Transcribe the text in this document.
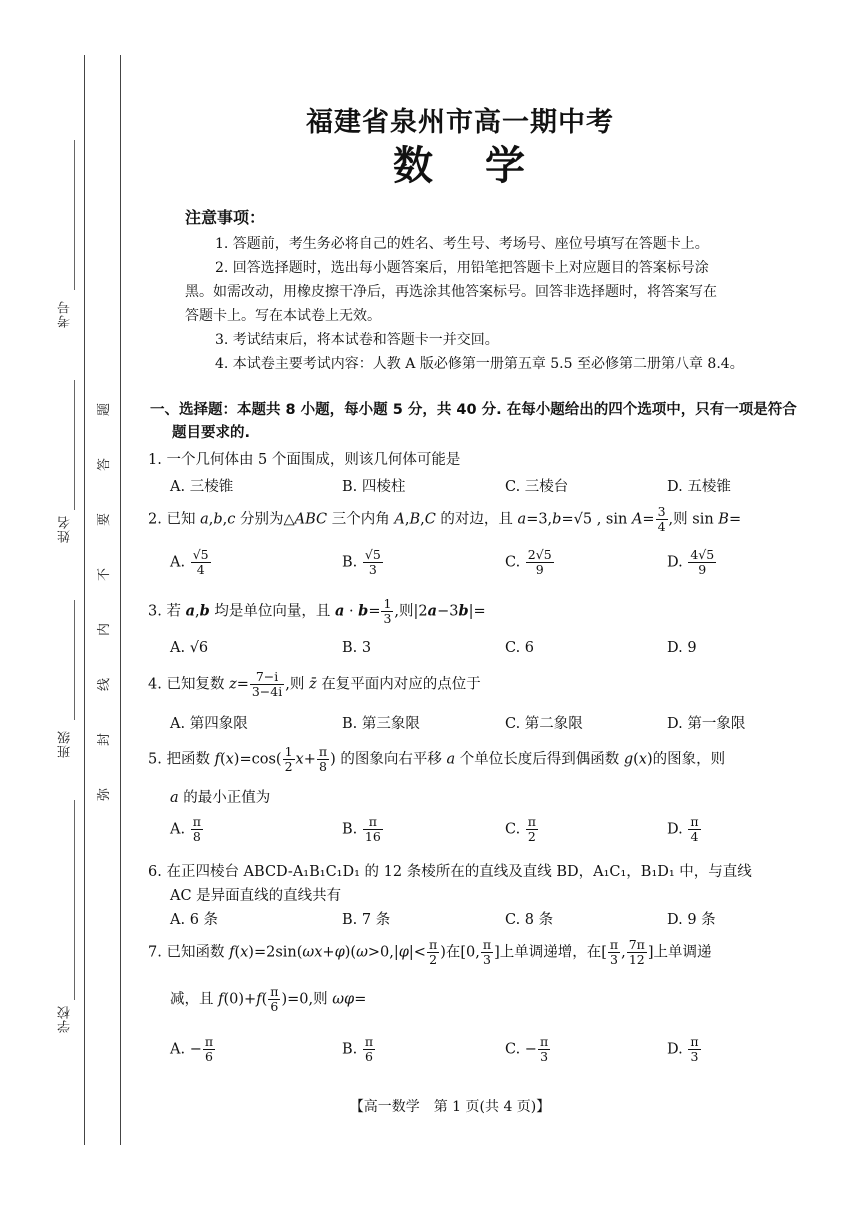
考号
姓名
班级
学校
题
答
要
不
内
线
封
弥
福建省泉州市高一期中考
数学
注意事项：
1. 答题前，考生务必将自己的姓名、考生号、考场号、座位号填写在答题卡上。
2. 回答选择题时，选出每小题答案后，用铅笔把答题卡上对应题目的答案标号涂
黑。如需改动，用橡皮擦干净后，再选涂其他答案标号。回答非选择题时，将答案写在
答题卡上。写在本试卷上无效。
3. 考试结束后，将本试卷和答题卡一并交回。
4. 本试卷主要考试内容：人教 A 版必修第一册第五章 5.5 至必修第二册第八章 8.4。
一、选择题：本题共 8 小题，每小题 5 分，共 40 分. 在每小题给出的四个选项中，只有一项是符合
题目要求的.
1. 一个几何体由 5 个面围成，则该几何体可能是
A. 三棱锥	B. 四棱柱	C. 三棱台	D. 五棱锥
2. 已知 a,b,c 分别为△ABC 三个内角 A,B,C 的对边，且 a=3,b=√5 , $\sin A= \frac{3}{4}$ ,则 sin B=
A. $\frac{√5}{4}$	B. $\frac{√5}{3}$	C. $\frac{2√5}{9}$	D. $\frac{4√5}{9}$
3. 若 a,b 均是单位向量，且 $a \cdot b= \frac{1}{3}$ ,则|2a−3b|=
A. √6	B. 3	C. 6	D. 9
4. 已知复数 $z= \frac{7-i}{3-4i}$ ,则 z̄ 在复平面内对应的点位于
A. 第四象限	B. 第三象限	C. 第二象限	D. 第一象限
5. 把函数 $f(x)=\cos( \frac{1}{2} x+ \frac{\pi}{8}$ ) 的图象向右平移 a 个单位长度后得到偶函数 g(x)的图象，则
a 的最小正值为
A. $\frac{\pi}{8}$	B. $\frac{\pi}{16}$	C. $\frac{\pi}{2}$	D. $\frac{\pi}{4}$
6. 在正四棱台 ABCD-A₁B₁C₁D₁ 的 12 条棱所在的直线及直线 BD，A₁C₁，B₁D₁ 中，与直线
AC 是异面直线的直线共有
A. 6 条	B. 7 条	C. 8 条	D. 9 条
7. 已知函数 $f(x)=2\sin(\omega x+\varphi)(\omega>0,|\varphi|< \frac{\pi}{2}$ )在[0, $\frac{\pi}{3}$ ]上单调递增，在[ $\frac{\pi}{3}$ , $\frac{7\pi}{12}$ ]上单调递
减，且 $f(0)+f( \frac{\pi}{6} )=0$,则 ωφ=
A. − $\frac{\pi}{6}$	B. $\frac{\pi}{6}$	C. − $\frac{\pi}{3}$	D. $\frac{\pi}{3}$
【高一数学　第 1 页(共 4 页)】
